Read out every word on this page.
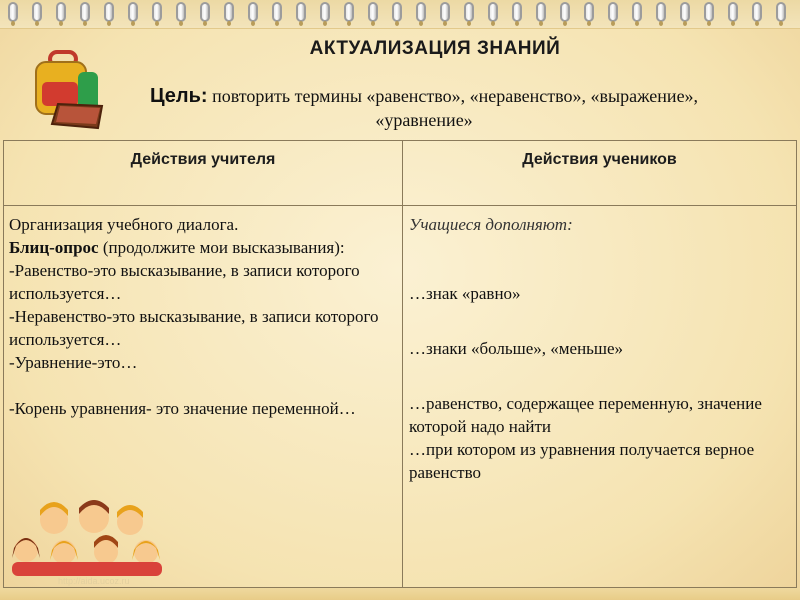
АКТУАЛИЗАЦИЯ ЗНАНИЙ
Цель: повторить термины «равенство», «неравенство», «выражение»,
«уравнение»
Действия учителя	Действия учеников

Организация учебного диалога.

Блиц-опрос (продолжите мои высказывания):

-Равенство-это высказывание, в записи которого используется…

-Неравенство-это высказывание, в записи которого используется…

-Уравнение-это…

-Корень уравнения- это значение переменной…

Учащиеся дополняют:

…знак «равно»

…знаки «больше», «меньше»

…равенство, содержащее переменную, значение которой надо найти

…при котором из уравнения получается верное равенство

http://aida.ucoz.ru
